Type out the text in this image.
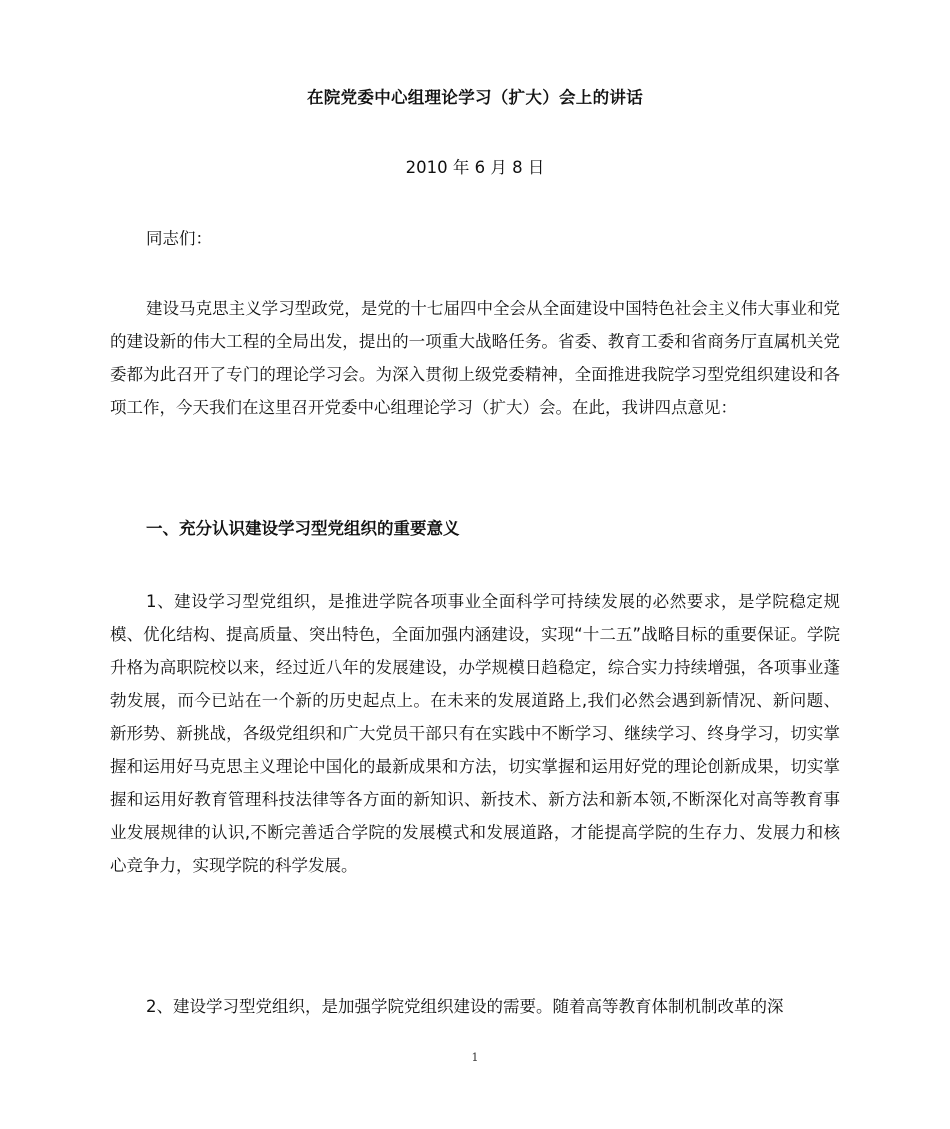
在院党委中心组理论学习（扩大）会上的讲话
2010 年 6 月 8 日
同志们：

建设马克思主义学习型政党，是党的十七届四中全会从全面建设中国特色社会主义伟大事业和党的建设新的伟大工程的全局出发，提出的一项重大战略任务。省委、教育工委和省商务厅直属机关党委都为此召开了专门的理论学习会。为深入贯彻上级党委精神，全面推进我院学习型党组织建设和各项工作，今天我们在这里召开党委中心组理论学习（扩大）会。在此，我讲四点意见：

一、充分认识建设学习型党组织的重要意义

1、建设学习型党组织，是推进学院各项事业全面科学可持续发展的必然要求，是学院稳定规模、优化结构、提高质量、突出特色，全面加强内涵建设，实现“十二五”战略目标的重要保证。学院升格为高职院校以来，经过近八年的发展建设，办学规模日趋稳定，综合实力持续增强，各项事业蓬勃发展，而今已站在一个新的历史起点上。在未来的发展道路上,我们必然会遇到新情况、新问题、新形势、新挑战，各级党组织和广大党员干部只有在实践中不断学习、继续学习、终身学习，切实掌握和运用好马克思主义理论中国化的最新成果和方法，切实掌握和运用好党的理论创新成果，切实掌握和运用好教育管理科技法律等各方面的新知识、新技术、新方法和新本领,不断深化对高等教育事业发展规律的认识,不断完善适合学院的发展模式和发展道路，才能提高学院的生存力、发展力和核心竞争力，实现学院的科学发展。

2、建设学习型党组织，是加强学院党组织建设的需要。随着高等教育体制机制改革的深

1
